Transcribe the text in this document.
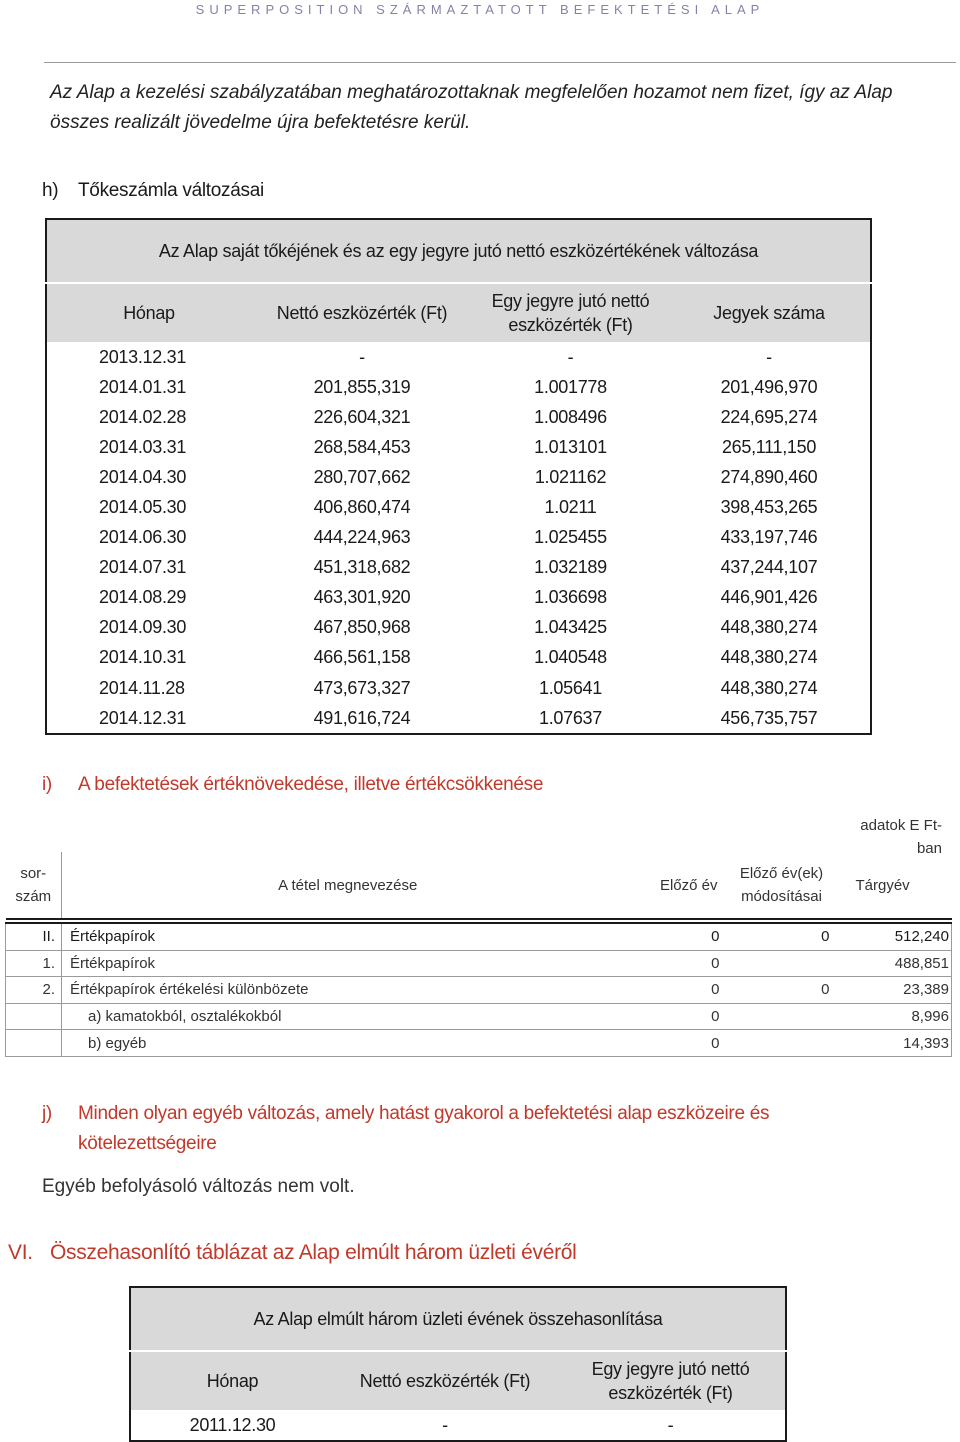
SUPERPOSITION SZÁRMAZTATOTT BEFEKTETÉSI ALAP
Az Alap a kezelési szabályzatában meghatározottaknak megfelelően hozamot nem fizet, így az Alap összes realizált jövedelme újra befektetésre kerül.
h) Tőkeszámla változásai
Az Alap saját tőkéjének és az egy jegyre jutó nettó eszközértékének változása			
Hónap	Nettó eszközérték (Ft)	Egy jegyre jutó nettó eszközérték (Ft)	Jegyek száma
2013.12.31	-	-	-
2014.01.31	201,855,319	1.001778	201,496,970
2014.02.28	226,604,321	1.008496	224,695,274
2014.03.31	268,584,453	1.013101	265,111,150
2014.04.30	280,707,662	1.021162	274,890,460
2014.05.30	406,860,474	1.0211	398,453,265
2014.06.30	444,224,963	1.025455	433,197,746
2014.07.31	451,318,682	1.032189	437,244,107
2014.08.29	463,301,920	1.036698	446,901,426
2014.09.30	467,850,968	1.043425	448,380,274
2014.10.31	466,561,158	1.040548	448,380,274
2014.11.28	473,673,327	1.05641	448,380,274
2014.12.31	491,616,724	1.07637	456,735,757
i) A befektetések értéknövekedése, illetve értékcsökkenése
adatok E Ft-ban
sor-szám	A tétel megnevezése	Előző év	Előző év(ek) módosításai	Tárgyév

II.	Értékpapírok	0	0	512,240
1.	Értékpapírok	0		488,851
2.	Értékpapírok értékelési különbözete	0	0	23,389
	a) kamatokból, osztalékokból	0		8,996
	b) egyéb	0		14,393
j) Minden olyan egyéb változás, amely hatást gyakorol a befektetési alap eszközeire és
kötelezettségeire
Egyéb befolyásoló változás nem volt.
VI. Összehasonlító táblázat az Alap elmúlt három üzleti évéről
Az Alap elmúlt három üzleti évének összehasonlítása		
Hónap	Nettó eszközérték (Ft)	Egy jegyre jutó nettó eszközérték (Ft)
2011.12.30	-	-
